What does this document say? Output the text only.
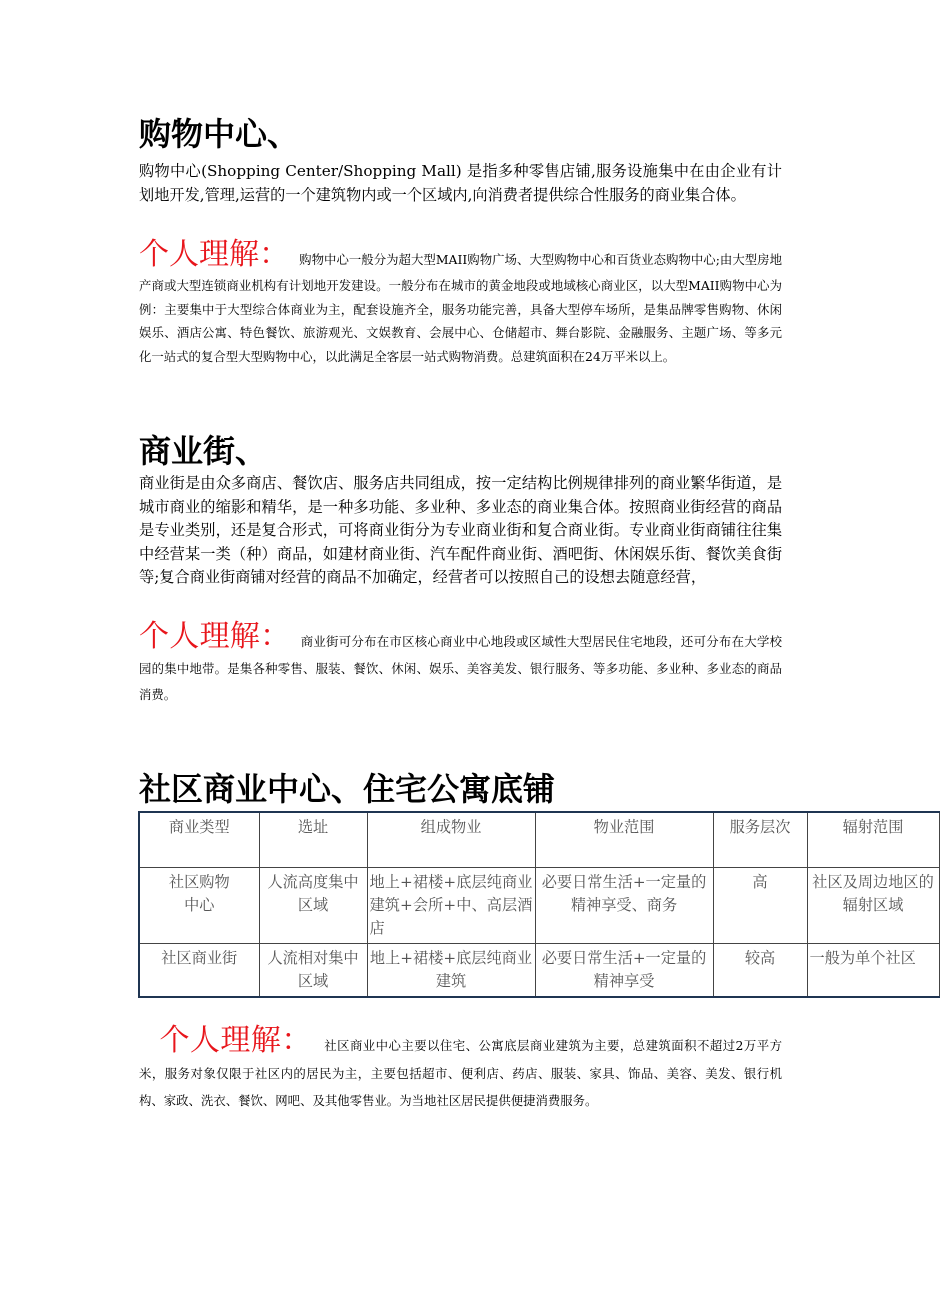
购物中心、

购物中心(Shopping Center/Shopping Mall) 是指多种零售店铺,服务设施集中在由企业有计划地开发,管理,运营的一个建筑物内或一个区域内,向消费者提供综合性服务的商业集合体。

个人理解： 购物中心一般分为超大型MAII购物广场、大型购物中心和百货业态购物中心;由大型房地产商或大型连锁商业机构有计划地开发建设。一般分布在城市的黄金地段或地域核心商业区，以大型MAII购物中心为例：主要集中于大型综合体商业为主，配套设施齐全，服务功能完善，具备大型停车场所，是集品牌零售购物、休闲娱乐、酒店公寓、特色餐饮、旅游观光、文娱教育、会展中心、仓储超市、舞台影院、金融服务、主题广场、等多元化一站式的复合型大型购物中心，以此满足全客层一站式购物消费。总建筑面积在24万平米以上。

商业街、

商业街是由众多商店、餐饮店、服务店共同组成，按一定结构比例规律排列的商业繁华街道，是城市商业的缩影和精华，是一种多功能、多业种、多业态的商业集合体。按照商业街经营的商品是专业类别，还是复合形式，可将商业街分为专业商业街和复合商业街。专业商业街商铺往往集中经营某一类（种）商品，如建材商业街、汽车配件商业街、酒吧街、休闲娱乐街、餐饮美食街等;复合商业街商铺对经营的商品不加确定，经营者可以按照自己的设想去随意经营，

个人理解： 商业街可分布在市区核心商业中心地段或区域性大型居民住宅地段，还可分布在大学校园的集中地带。是集各种零售、服装、餐饮、休闲、娱乐、美容美发、银行服务、等多功能、多业种、多业态的商品消费。

社区商业中心、住宅公寓底铺
商业类型	选址	组成物业	物业范围	服务层次	辐射范围
社区购物中心	人流高度集中区域	地上+裙楼+底层纯商业建筑+会所+中、高层酒店	必要日常生活+一定量的精神享受、商务	高	社区及周边地区的辐射区域
社区商业街	人流相对集中区域	地上+裙楼+底层纯商业建筑	必要日常生活+一定量的精神享受	较高	一般为单个社区

个人理解： 社区商业中心主要以住宅、公寓底层商业建筑为主要，总建筑面积不超过2万平方米，服务对象仅限于社区内的居民为主，主要包括超市、便利店、药店、服装、家具、饰品、美容、美发、银行机构、家政、洗衣、餐饮、网吧、及其他零售业。为当地社区居民提供便捷消费服务。
